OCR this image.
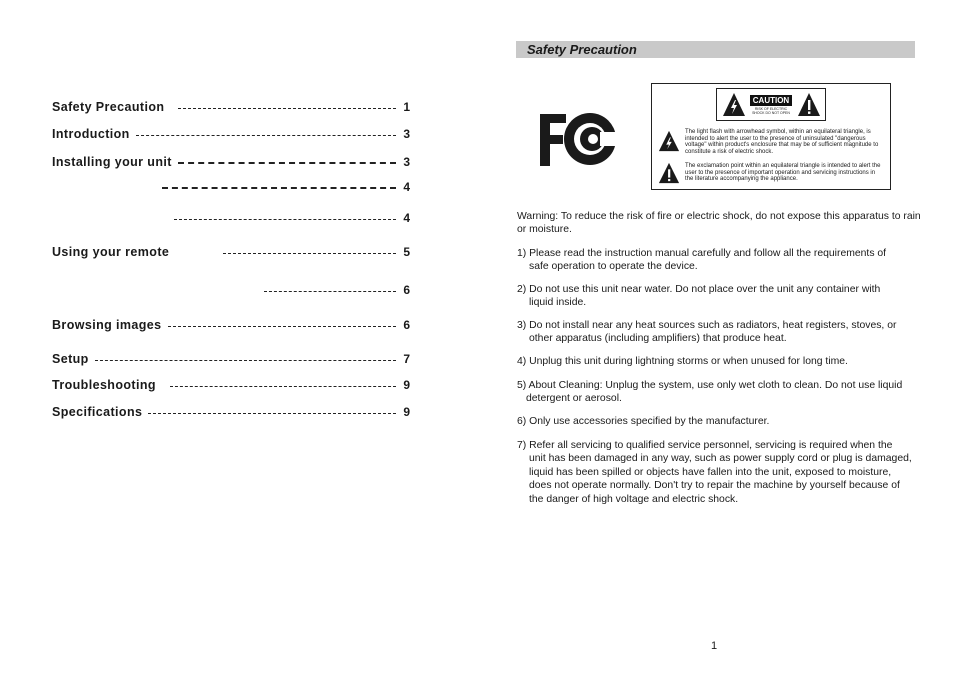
Safety Precaution	1
Introduction	3
Installing your unit	3
4
4
Using your remote	5
6
Browsing images	6
Setup	7
Troubleshooting	9
Specifications	9
Safety Precaution
CAUTION
RISK OF ELECTRIC SHOCK DO NOT OPEN
The light flash with arrowhead symbol, within an equilateral triangle, is intended to alert the user to the presence of uninsulated "dangerous voltage" within product's enclosure that may be of sufficient magnitude to constitute a risk of electric shock.
The exclamation point within an equilateral triangle is intended to alert the user to the presence of important operation and servicing instructions in the literature accompanying the appliance.
Warning: To reduce the risk of fire or electric shock, do not expose this apparatus to rain or moisture.
1) Please read the instruction manual carefully and follow all the requirements of
safe operation to operate the device.
2) Do not use this unit near water. Do not place over the unit any container with
liquid inside.
3) Do not install near any heat sources such as radiators, heat registers, stoves, or
other apparatus (including amplifiers) that produce heat.
4) Unplug this unit during lightning storms or when unused for long time.
5) About Cleaning: Unplug the system, use only wet cloth to clean. Do not use liquid
detergent or aerosol.
6) Only use accessories specified by the manufacturer.
7) Refer all servicing to qualified service personnel, servicing is required when the
unit has been damaged in any way, such as power supply cord or plug is damaged, liquid has been spilled or objects have fallen into the unit, exposed to moisture, does not operate normally. Don't try to repair the machine by yourself because of the danger of high voltage and electric shock.
1
